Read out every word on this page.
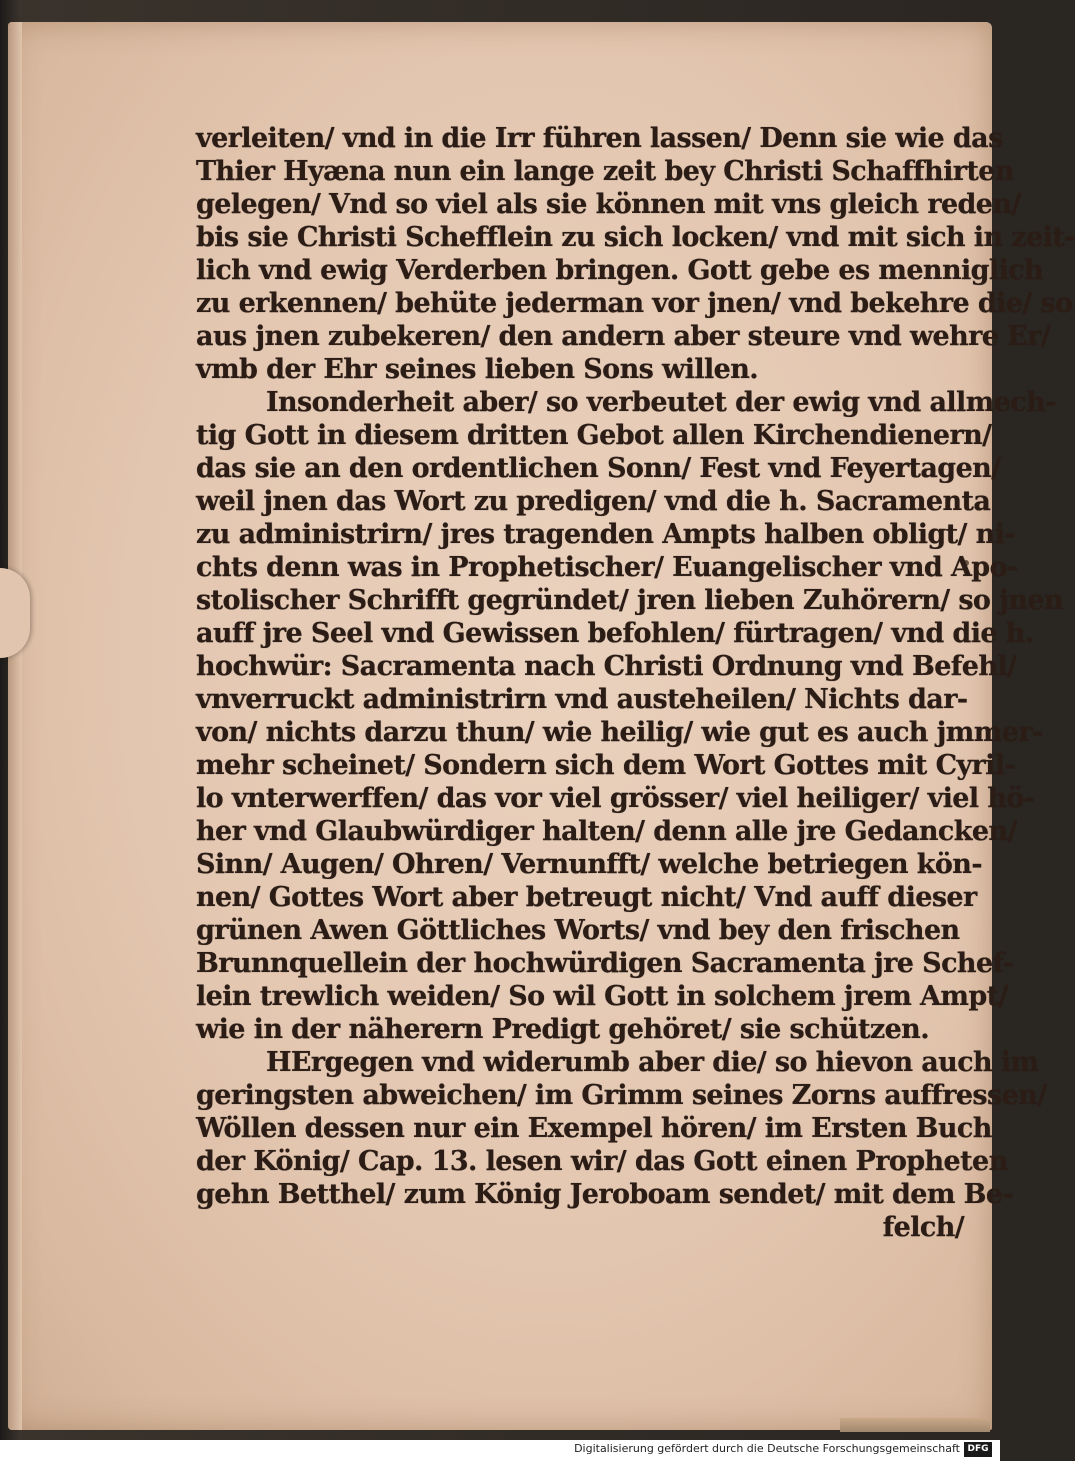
verleiten/ vnd in die Irr führen lassen/ Denn sie wie das
Thier Hyæna nun ein lange zeit bey Christi Schaffhirten
gelegen/ Vnd so viel als sie können mit vns gleich reden/
bis sie Christi Schefflein zu sich locken/ vnd mit sich in zeit-
lich vnd ewig Verderben bringen. Gott gebe es menniglich
zu erkennen/ behüte jederman vor jnen/ vnd bekehre die/ so
aus jnen zubekeren/ den andern aber steure vnd wehre Er/
vmb der Ehr seines lieben Sons willen.
Insonderheit aber/ so verbeutet der ewig vnd allmech-
tig Gott in diesem dritten Gebot allen Kirchendienern/
das sie an den ordentlichen Sonn/ Fest vnd Feyertagen/
weil jnen das Wort zu predigen/ vnd die h. Sacramenta
zu administrirn/ jres tragenden Ampts halben obligt/ ni-
chts denn was in Prophetischer/ Euangelischer vnd Apo-
stolischer Schrifft gegründet/ jren lieben Zuhörern/ so jnen
auff jre Seel vnd Gewissen befohlen/ fürtragen/ vnd die h.
hochwür: Sacramenta nach Christi Ordnung vnd Befehl/
vnverruckt administrirn vnd austeheilen/ Nichts dar-
von/ nichts darzu thun/ wie heilig/ wie gut es auch jmmer-
mehr scheinet/ Sondern sich dem Wort Gottes mit Cyril-
lo vnterwerffen/ das vor viel grösser/ viel heiliger/ viel hö-
her vnd Glaubwürdiger halten/ denn alle jre Gedancken/
Sinn/ Augen/ Ohren/ Vernunfft/ welche betriegen kön-
nen/ Gottes Wort aber betreugt nicht/ Vnd auff dieser
grünen Awen Göttliches Worts/ vnd bey den frischen
Brunnquellein der hochwürdigen Sacramenta jre Schef-
lein trewlich weiden/ So wil Gott in solchem jrem Ampt/
wie in der näherern Predigt gehöret/ sie schützen.
HErgegen vnd widerumb aber die/ so hievon auch im
geringsten abweichen/ im Grimm seines Zorns auffressen/
Wöllen dessen nur ein Exempel hören/ im Ersten Buch
der König/ Cap. 13. lesen wir/ das Gott einen Propheten
gehn Betthel/ zum König Jeroboam sendet/ mit dem Be-
felch/
Digitalisierung gefördert durch die Deutsche Forschungsgemeinschaft DFG
